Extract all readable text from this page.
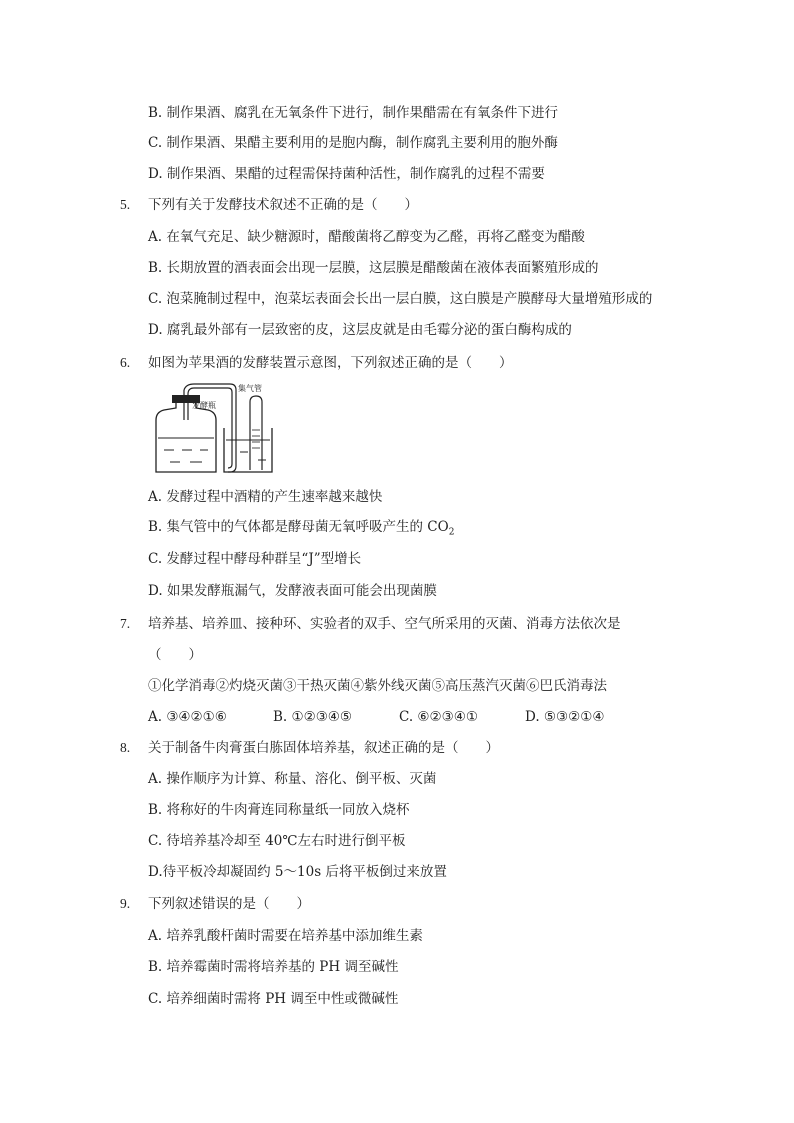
B. 制作果酒、腐乳在无氧条件下进行，制作果醋需在有氧条件下进行
C. 制作果酒、果醋主要利用的是胞内酶，制作腐乳主要利用的胞外酶
D. 制作果酒、果醋的过程需保持菌种活性，制作腐乳的过程不需要
5. 下列有关于发酵技术叙述不正确的是（　　）
A. 在氧气充足、缺少糖源时，醋酸菌将乙醇变为乙醛，再将乙醛变为醋酸
B. 长期放置的酒表面会出现一层膜，这层膜是醋酸菌在液体表面繁殖形成的
C. 泡菜腌制过程中，泡菜坛表面会长出一层白膜，这白膜是产膜酵母大量增殖形成的
D. 腐乳最外部有一层致密的皮，这层皮就是由毛霉分泌的蛋白酶构成的
6. 如图为苹果酒的发酵装置示意图，下列叙述正确的是（　　）
发酵瓶
集气管
A. 发酵过程中酒精的产生速率越来越快
B. 集气管中的气体都是酵母菌无氧呼吸产生的 $CO_2$
C. 发酵过程中酵母种群呈“J”型增长
D. 如果发酵瓶漏气，发酵液表面可能会出现菌膜
7. 培养基、培养皿、接种环、实验者的双手、空气所采用的灭菌、消毒方法依次是
（　　）
①化学消毒②灼烧灭菌③干热灭菌④紫外线灭菌⑤高压蒸汽灭菌⑥巴氏消毒法
A. ③④②①⑥	B. ①②③④⑤	C. ⑥②③④①	D. ⑤③②①④
8. 关于制备牛肉膏蛋白胨固体培养基，叙述正确的是（　　）
A. 操作顺序为计算、称量、溶化、倒平板、灭菌
B. 将称好的牛肉膏连同称量纸一同放入烧杯
C. 待培养基冷却至 40℃左右时进行倒平板
D.待平板冷却凝固约 5～10s 后将平板倒过来放置
9. 下列叙述错误的是（　　）
A. 培养乳酸杆菌时需要在培养基中添加维生素
B. 培养霉菌时需将培养基的 PH 调至碱性
C. 培养细菌时需将 PH 调至中性或微碱性
